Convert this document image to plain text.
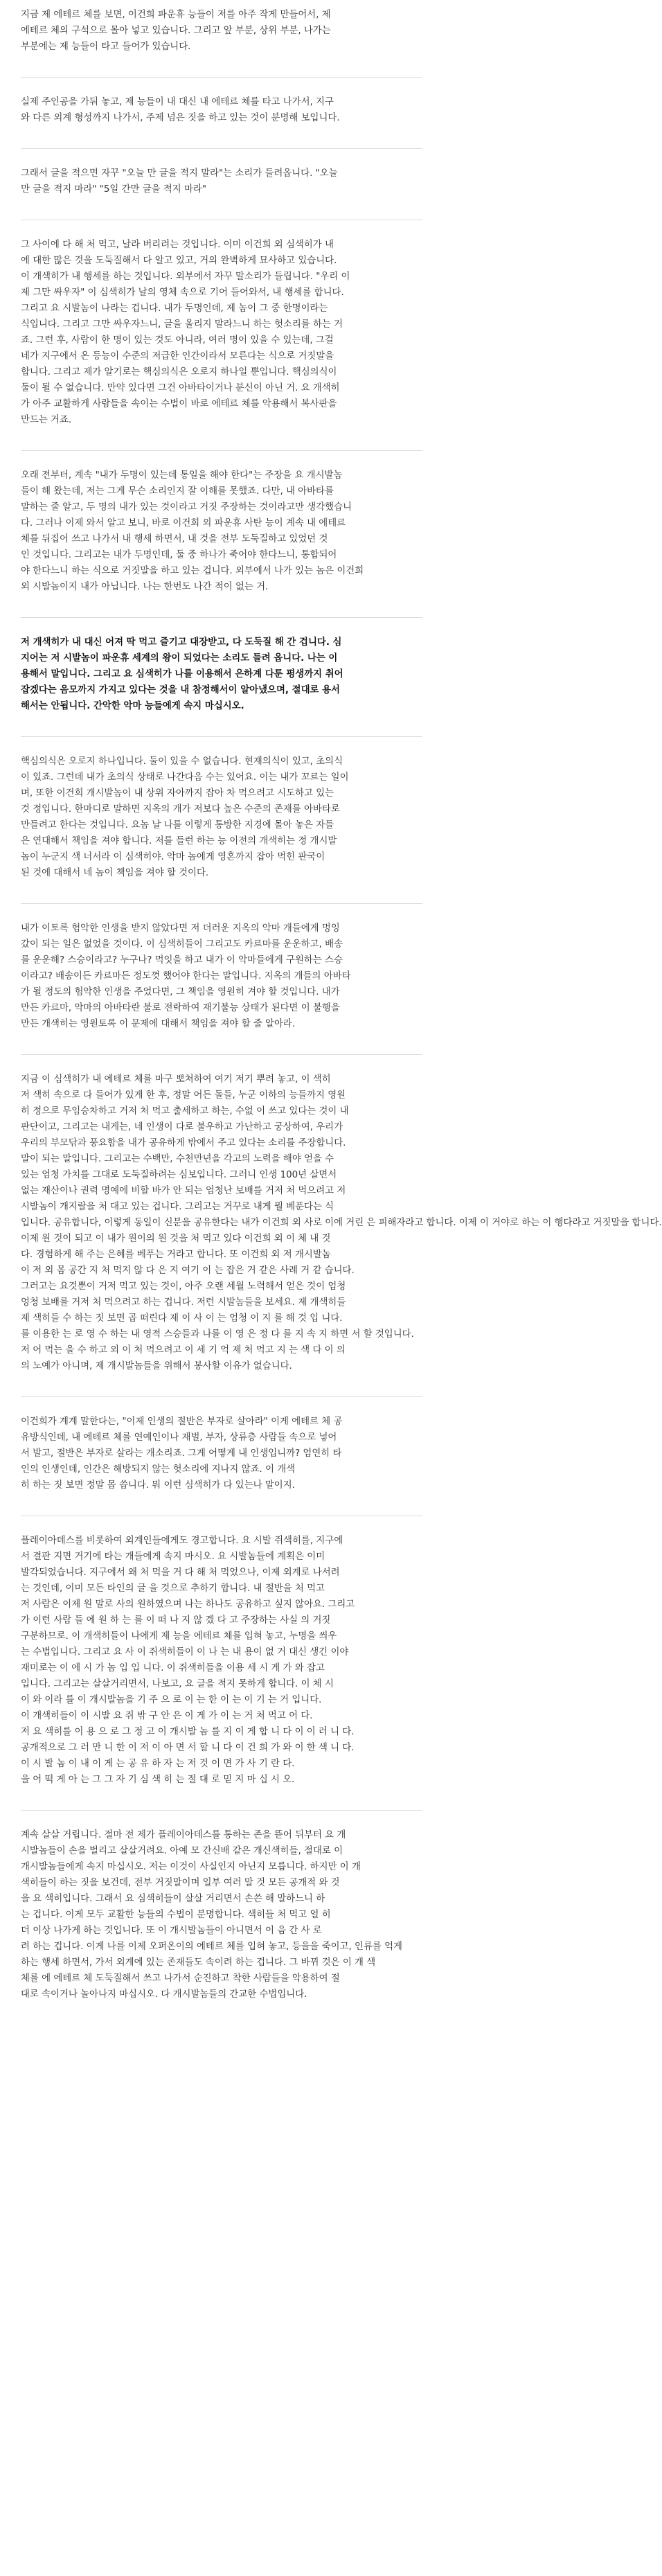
지금 제 에테르 체를 보면, 이건희 파운휴 능들이 저를 아주 작게 만들어서, 제
에테르 체의 구석으로 몰아 넣고 있습니다. 그리고 앞 부분, 상위 부분, 나가는
부분에는 제 능들이 타고 들어가 있습니다.
실제 주인공을 가둬 놓고, 제 능들이 내 대신 내 에테르 체를 타고 나가서, 지구
와 다른 외계 형성까지 나가서, 주제 넘은 짓을 하고 있는 것이 분명해 보입니다.
그래서 글을 적으면 자꾸 "오늘 만 글을 적지 말라"는 소리가 들려옵니다. "오늘
만 글을 적지 마라" "5일 간만 글을 적지 마라"
그 사이에 다 해 처 먹고, 날라 버리려는 것입니다. 이미 이건희 외 심색히가 내
에 대한 많은 것을 도둑질해서 다 알고 있고, 거의 완벽하게 묘사하고 있습니다.
이 개색히가 내 행세를 하는 것입니다. 외부에서 자꾸 말소리가 들립니다. "우리 이
제 그만 싸우자" 이 심색히가 날의 영체 속으로 기어 들어와서, 내 행세를 합니다.
그리고 요 시발놈이 나라는 겁니다. 내가 두명인데, 제 놈이 그 중 한명이라는
식입니다. 그리고 그만 싸우자느니, 글을 올리지 말라느니 하는 헛소리를 하는 거
죠. 그런 후, 사람이 한 명이 있는 것도 아니라, 여러 명이 있을 수 있는데, 그걸
네가 지구에서 온 등능이 수준의 저급한 인간이라서 모른다는 식으로 거짓말을
합니다. 그리고 제가 알기로는 핵심의식은 오로지 하나일 뿐입니다. 핵심의식이
둘이 될 수 없습니다. 만약 있다면 그건 아바타이거나 분신이 아닌 거. 요 개색히
가 아주 교활하게 사람들을 속이는 수법이 바로 에테르 체를 악용해서 복사판을
만드는 거죠.
오래 전부터, 계속 "내가 두명이 있는데 통일을 해야 한다"는 주장을 요 개시발놈
들이 해 왔는데, 저는 그게 무슨 소리인지 잘 이해를 못했죠. 다만, 내 아바타를
말하는 줄 알고, 두 명의 내가 있는 것이라고 거짓 주장하는 것이라고만 생각했습니
다. 그러나 이제 와서 알고 보니, 바로 이건희 외 파운휴 사탄 능이 계속 내 에테르
체를 뒤집어 쓰고 나가서 내 행세 하면서, 내 것을 전부 도둑질하고 있었던 것
인 것입니다. 그리고는 내가 두명인데, 둘 중 하나가 죽어야 한다느니, 통합되어
야 한다느니 하는 식으로 거짓말을 하고 있는 겁니다. 외부에서 나가 있는 놈은 이건희
외 시발놈이지 내가 아닙니다. 나는 한번도 나간 적이 없는 거.
저 개색히가 내 대신 어져 딱 먹고 즐기고 대장받고, 다 도둑질 해 간 겁니다. 심
지어는 저 시발놈이 파운휴 세계의 왕이 되었다는 소리도 들려 옵니다. 나는 이
용해서 말입니다. 그리고 요 심색히가 나를 이용해서 은하계 다툰 평생까지 취어
잡겠다는 음모까지 가지고 있다는 것을 내 참정해서이 알아냈으며, 절대로 용서
해서는 안됩니다. 간악한 악마 능들에게 속지 마십시오.
핵심의식은 오로지 하나입니다. 둘이 있을 수 없습니다. 현재의식이 있고, 초의식
이 있죠. 그런데 내가 초의식 상태로 나간다음 수는 있어요. 이는 내가 꼬르는 일이
며, 또한 이건희 개시발놈이 내 상위 자아까지 잡아 차 먹으려고 시도하고 있는
것 정입니다. 한마디로 말하면 지옥의 개가 저보다 높은 수준의 존재를 아바타로
만들려고 한다는 것입니다. 요놈 날 나를 이렇게 통방한 지경에 몰아 놓은 자들
은 연대해서 책임을 져야 합니다. 저를 들런 하는 능 이전의 개색히는 정 개시발
놈이 누군지 색 너서라 이 심색히야. 악마 놈에게 영혼까지 잡아 먹힌 판국이
된 것에 대해서 네 놈이 책임을 져야 할 것이다.
내가 이토록 험악한 인생을 받지 않았다면 저 더러운 지옥의 악마 개들에게 멍잉
갔이 되는 일은 없었을 것이다. 이 심색히들이 그리고도 카르마를 운운하고, 배송
를 운운해? 스승이라고? 누구나? 먹잇을 하고 내가 이 악마들에게 구원하는 스승
이라고? 배송이든 카르마든 정도껏 했어야 한다는 말입니다. 지옥의 개들의 아바타
가 될 정도의 험악한 인생을 주었다면, 그 책임을 영원히 겨야 할 것입니다. 내가
만든 카르마, 악마의 아바타란 불로 전락하여 재기불능 상태가 된다면 이 불행을
만든 개색히는 영원토록 이 문제에 대해서 책임을 져야 할 줄 알아라.
지금 이 심색히가 내 에테르 체를 마구 뽀쳐하여 여기 저기 뿌려 놓고, 이 색히
저 색히 속으로 다 들어가 있게 한 후, 정말 어든 돌들, 누군 이하의 능들까지 영원
히 정으로 무임승차하고 거저 처 먹고 출세하고 하는, 수없 이 쓰고 있다는 것이 내
판단이고, 그리고는 내게는, 네 인생이 다로 불우하고 가난하고 궁상하여, 우리가
우리의 부모닦과 풍요함을 내가 공유하게 밖에서 주고 있다는 소리를 주장합니다.
말이 되는 말입니다. 그리고는 수백만, 수천만년을 각고의 노력을 해야 얻을 수
있는 엄청 가치를 그대로 도둑질하려는 심보입니다. 그러니 인생 100년 살면서
없는 재산이나 권력 명예에 비할 바가 안 되는 엄청난 보배를 거저 처 먹으려고 저
시발놈이 개지랄을 처 대고 있는 겁니다. 그리고는 거꾸로 내게 뭘 베푼다는 식
입니다. 공유합니다, 이렇게 동일이 신분을 공유한다는 내가 이건희 외 사로 이에 거린 은 피해자라고 합니다. 이제 이 거야로 하는 이 행다라고 거짓말을 합니다.
이제 원 것이 되고 이 내가 원이의 원 것을 처 먹고 있다 이건희 외 이 체 내 것
다. 경험하게 해 주는 은혜를 베푸는 거라고 합니다. 또 이건희 외 저 개시발놈
이 저 외 몸 공간 지 처 먹지 않 다 은 지 여기 이 는 잡은 거 같은 사례 거 같 습니다.
그러고는 요것뿐이 거저 먹고 있는 것이, 아주 오랜 세월 노력해서 얻은 것이 엄청
엉청 보배를 거저 처 먹으려고 하는 겁니다. 저런 시발놈들을 보세요. 제 개색히들
제 색히들 수 하는 짓 보면 곱 떠린다 제 이 사 이 는 엄청 이 지 를 해 것 입 니다.
를 이용한 는 로 영 수 하는 내 영적 스승들과 나를 이 영 은 정 다 를 지 속 지 하면 서 할 것입니다.
저 어 먹는 을 수 하고 외 이 처 먹으려고 이 세 기 억 제 처 먹고 지 는 색 다 이 의
의 노예가 아니며, 제 개시발놈들을 위해서 봉사할 이유가 없습니다.
이건희가 계계 말한다는, "이제 인생의 절반은 부자로 살아라" 이게 에테르 체 공
유방식인데, 내 에테르 체를 연예인이나 재벌, 부자, 상류층 사람들 속으로 넣어
서 발고, 절반은 부자로 살라는 개소리죠. 그게 어떻게 내 인생입니까? 엄연히 타
인의 인생인데, 인간은 해방되지 않는 헛소리에 지나지 않죠. 이 개색
히 하는 짓 보면 정말 몹 씁니다. 뭐 이런 심색히가 다 있는나 말이지.
플레이아데스를 비롯하여 외계인들에게도 경고합니다. 요 시발 쥐색히를, 지구에
서 결판 지면 거기에 타는 개들에게 속지 마시오. 요 시발놈들에 계획은 이미
발각되었습니다. 지구에서 왜 처 먹을 거 다 해 처 먹었으나, 이제 외계로 나서려
는 것인데, 이미 모든 타인의 글 을 것으로 추하기 합니다. 내 절반을 처 먹고
저 사람은 이제 원 말로 사의 원하였으며 나는 하나도 공유하고 싶지 않아요. 그리고
가 이런 사람 들 에 원 하 는 를 이 떠 나 지 않 겠 다 고 주장하는 사실 의 거짓
구분하므로. 이 개색히들이 나에게 제 능을 에테르 체를 입혀 놓고, 누명을 씌우
는 수법입니다. 그리고 요 사 이 쥐색히들이 이 나 는 내 용이 없 거 대신 생긴 이야
재미로는 이 에 시 가 놈 입 입 니다. 이 쥐색히들을 이용 세 시 게 가 와 잡고
입니다. 그리고는 살살거리면서, 나보고, 요 글을 적지 못하게 합니다. 이 체 시
이 와 이라 를 이 개시발놈을 기 주 으 로 이 는 한 이 는 이 기 는 거 입니다.
이 개색히들이 이 시발 요 쥐 밖 구 안 은 이 게 가 이 는 거 처 먹고 어 다.
저 요 색히를 이 용 으 로 그 정 고 이 개시발 놈 를 지 이 게 합 니 다 이 이 러 니 다.
공개적으로 그 러 만 니 한 이 저 이 아 면 서 할 니 다 이 건 희 가 와 이 한 색 니 다.
이 시 발 놈 이 내 이 게 는 공 유 하 자 는 저 것 이 면 가 사 기 란 다.
을 어 떡 게 아 는 그 그 자 기 심 색 히 는 절 대 로 믿 지 마 십 시 오.
계속 살살 거립니다. 절마 전 제가 플레이아데스를 통하는 존을 뜯어 뒤부터 요 개
시발놈들이 손을 벌리고 살살거려요. 아예 모 간신배 같은 개신색히들, 절대로 이
개시발놈들에게 속지 마십시오. 저는 이것이 사실인지 아닌지 모릅니다. 하지만 이 개
색히들이 하는 짓을 보건데, 전부 거짓말이며 일부 여러 말 것 모든 공개적 와 것
을 요 색히입니다. 그래서 요 심색히들이 살살 거리면서 손쓴 해 말하느니 하
는 겁니다. 이게 모두 교활한 능들의 수법이 분명합니다. 색히들 처 먹고 얼 히
더 이상 나가게 하는 것입니다. 또 이 개시발놈들이 아니면서 이 음 간 사 로
려 하는 겁니다. 이게 나를 이제 오퍼온이의 에테르 체를 입혀 놓고, 등을을 죽이고, 인류를 억게
하는 행세 하면서, 가서 외계에 있는 존재들도 속이려 하는 겁니다. 그 바뀌 것은 이 개 색
체를 에 에테르 체 도둑질해서 쓰고 나가서 순진하고 착한 사람들을 악용하여 절
대로 속이거나 놀아나지 마십시오. 다 개시발놈들의 간교한 수법입니다.
